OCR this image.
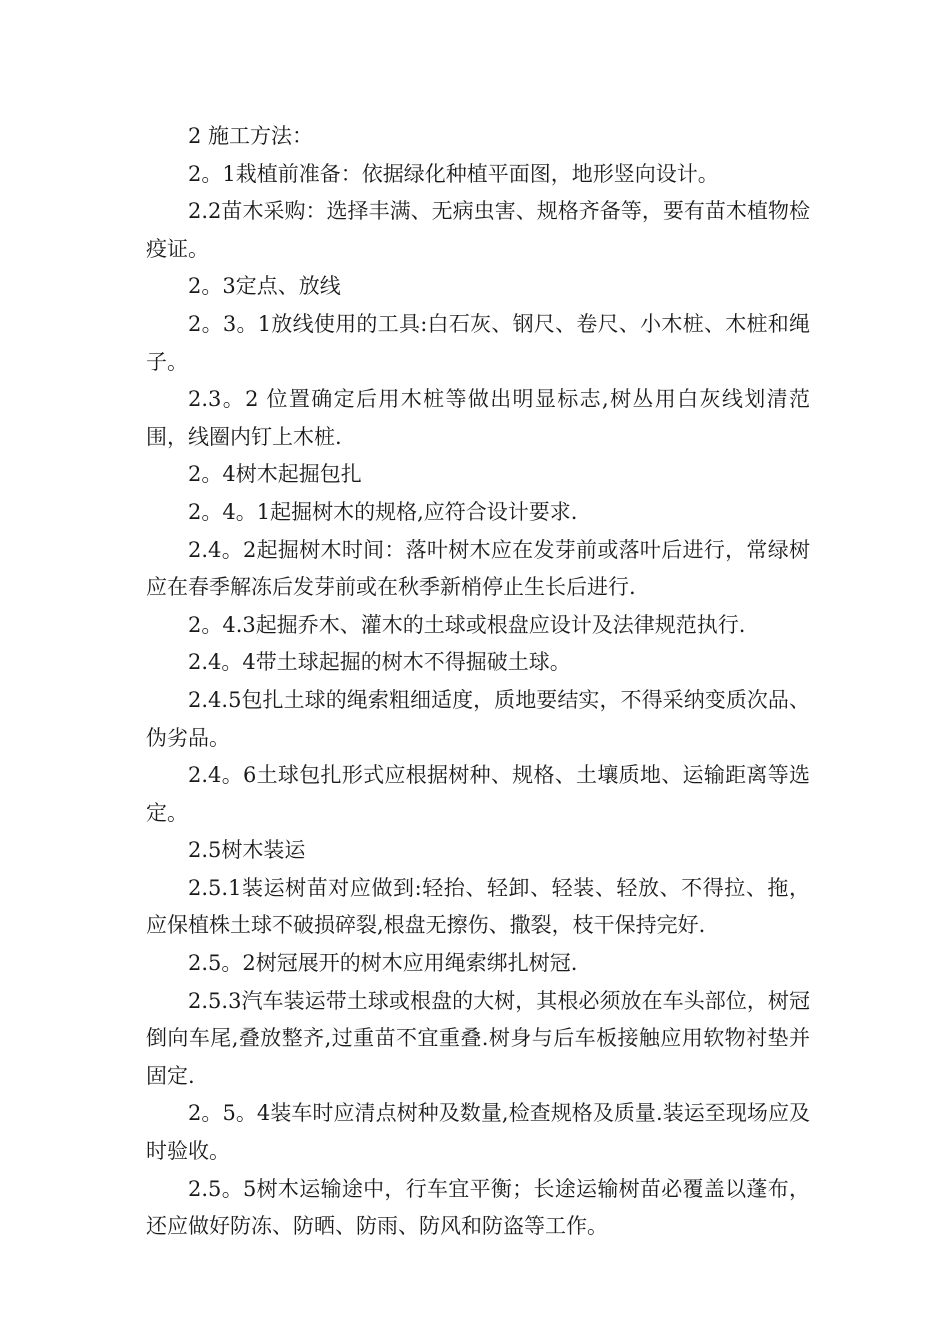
2 施工方法：

2。1栽植前准备：依据绿化种植平面图，地形竖向设计。

2.2苗木采购：选择丰满、无病虫害、规格齐备等，要有苗木植物检疫证。

2。3定点、放线

2。3。1放线使用的工具:白石灰、钢尺、卷尺、小木桩、木桩和绳子。

2.3。2 位置确定后用木桩等做出明显标志,树丛用白灰线划清范围，线圈内钉上木桩.

2。4树木起掘包扎

2。4。1起掘树木的规格,应符合设计要求.

2.4。2起掘树木时间：落叶树木应在发芽前或落叶后进行，常绿树应在春季解冻后发芽前或在秋季新梢停止生长后进行.

2。4.3起掘乔木、灌木的土球或根盘应设计及法律规范执行.

2.4。4带土球起掘的树木不得掘破土球。

2.4.5包扎土球的绳索粗细适度，质地要结实，不得采纳变质次品、伪劣品。

2.4。6土球包扎形式应根据树种、规格、土壤质地、运输距离等选定。

2.5树木装运

2.5.1装运树苗对应做到:轻抬、轻卸、轻装、轻放、不得拉、拖，应保植株土球不破损碎裂,根盘无擦伤、撒裂，枝干保持完好.

2.5。2树冠展开的树木应用绳索绑扎树冠.

2.5.3汽车装运带土球或根盘的大树，其根必须放在车头部位，树冠倒向车尾,叠放整齐,过重苗不宜重叠.树身与后车板接触应用软物衬垫并固定.

2。5。4装车时应清点树种及数量,检查规格及质量.装运至现场应及时验收。

2.5。5树木运输途中，行车宜平衡；长途运输树苗必覆盖以蓬布，还应做好防冻、防晒、防雨、防风和防盗等工作。
